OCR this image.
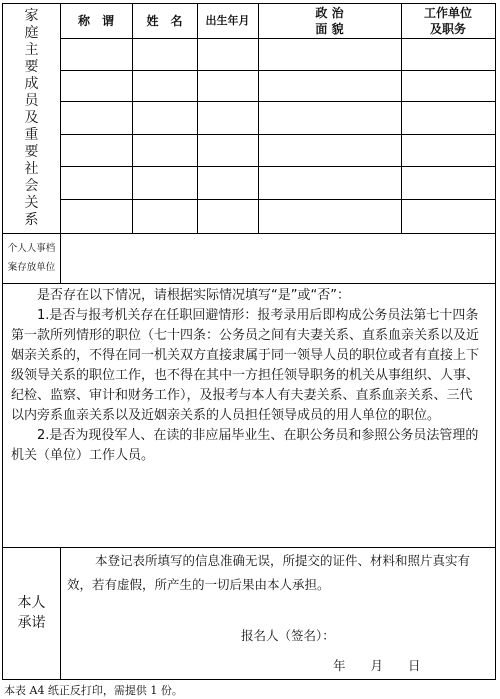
家庭主要成员及重要社会关系
称　谓	姓　名	出生年月
政 治
面 貌
工作单位
及职务
个人人事档
案存放单位

是否存在以下情况，请根据实际情况填写“是”或“否”：

1.是否与报考机关存在任职回避情形：报考录用后即构成公务员法第七十四条第一款所列情形的职位（七十四条：公务员之间有夫妻关系、直系血亲关系以及近姻亲关系的，不得在同一机关双方直接隶属于同一领导人员的职位或者有直接上下级领导关系的职位工作，也不得在其中一方担任领导职务的机关从事组织、人事、纪检、监察、审计和财务工作），及报考与本人有夫妻关系、直系血亲关系、三代以内旁系血亲关系以及近姻亲关系的人员担任领导成员的用人单位的职位。

2.是否为现役军人、在读的非应届毕业生、在职公务员和参照公务员法管理的机关（单位）工作人员。

本人
承诺
本登记表所填写的信息准确无误，所提交的证件、材料和照片真实有效，若有虚假，所产生的一切后果由本人承担。
报名人（签名）：
年　　月　　日
本表 A4 纸正反打印，需提供 1 份。
